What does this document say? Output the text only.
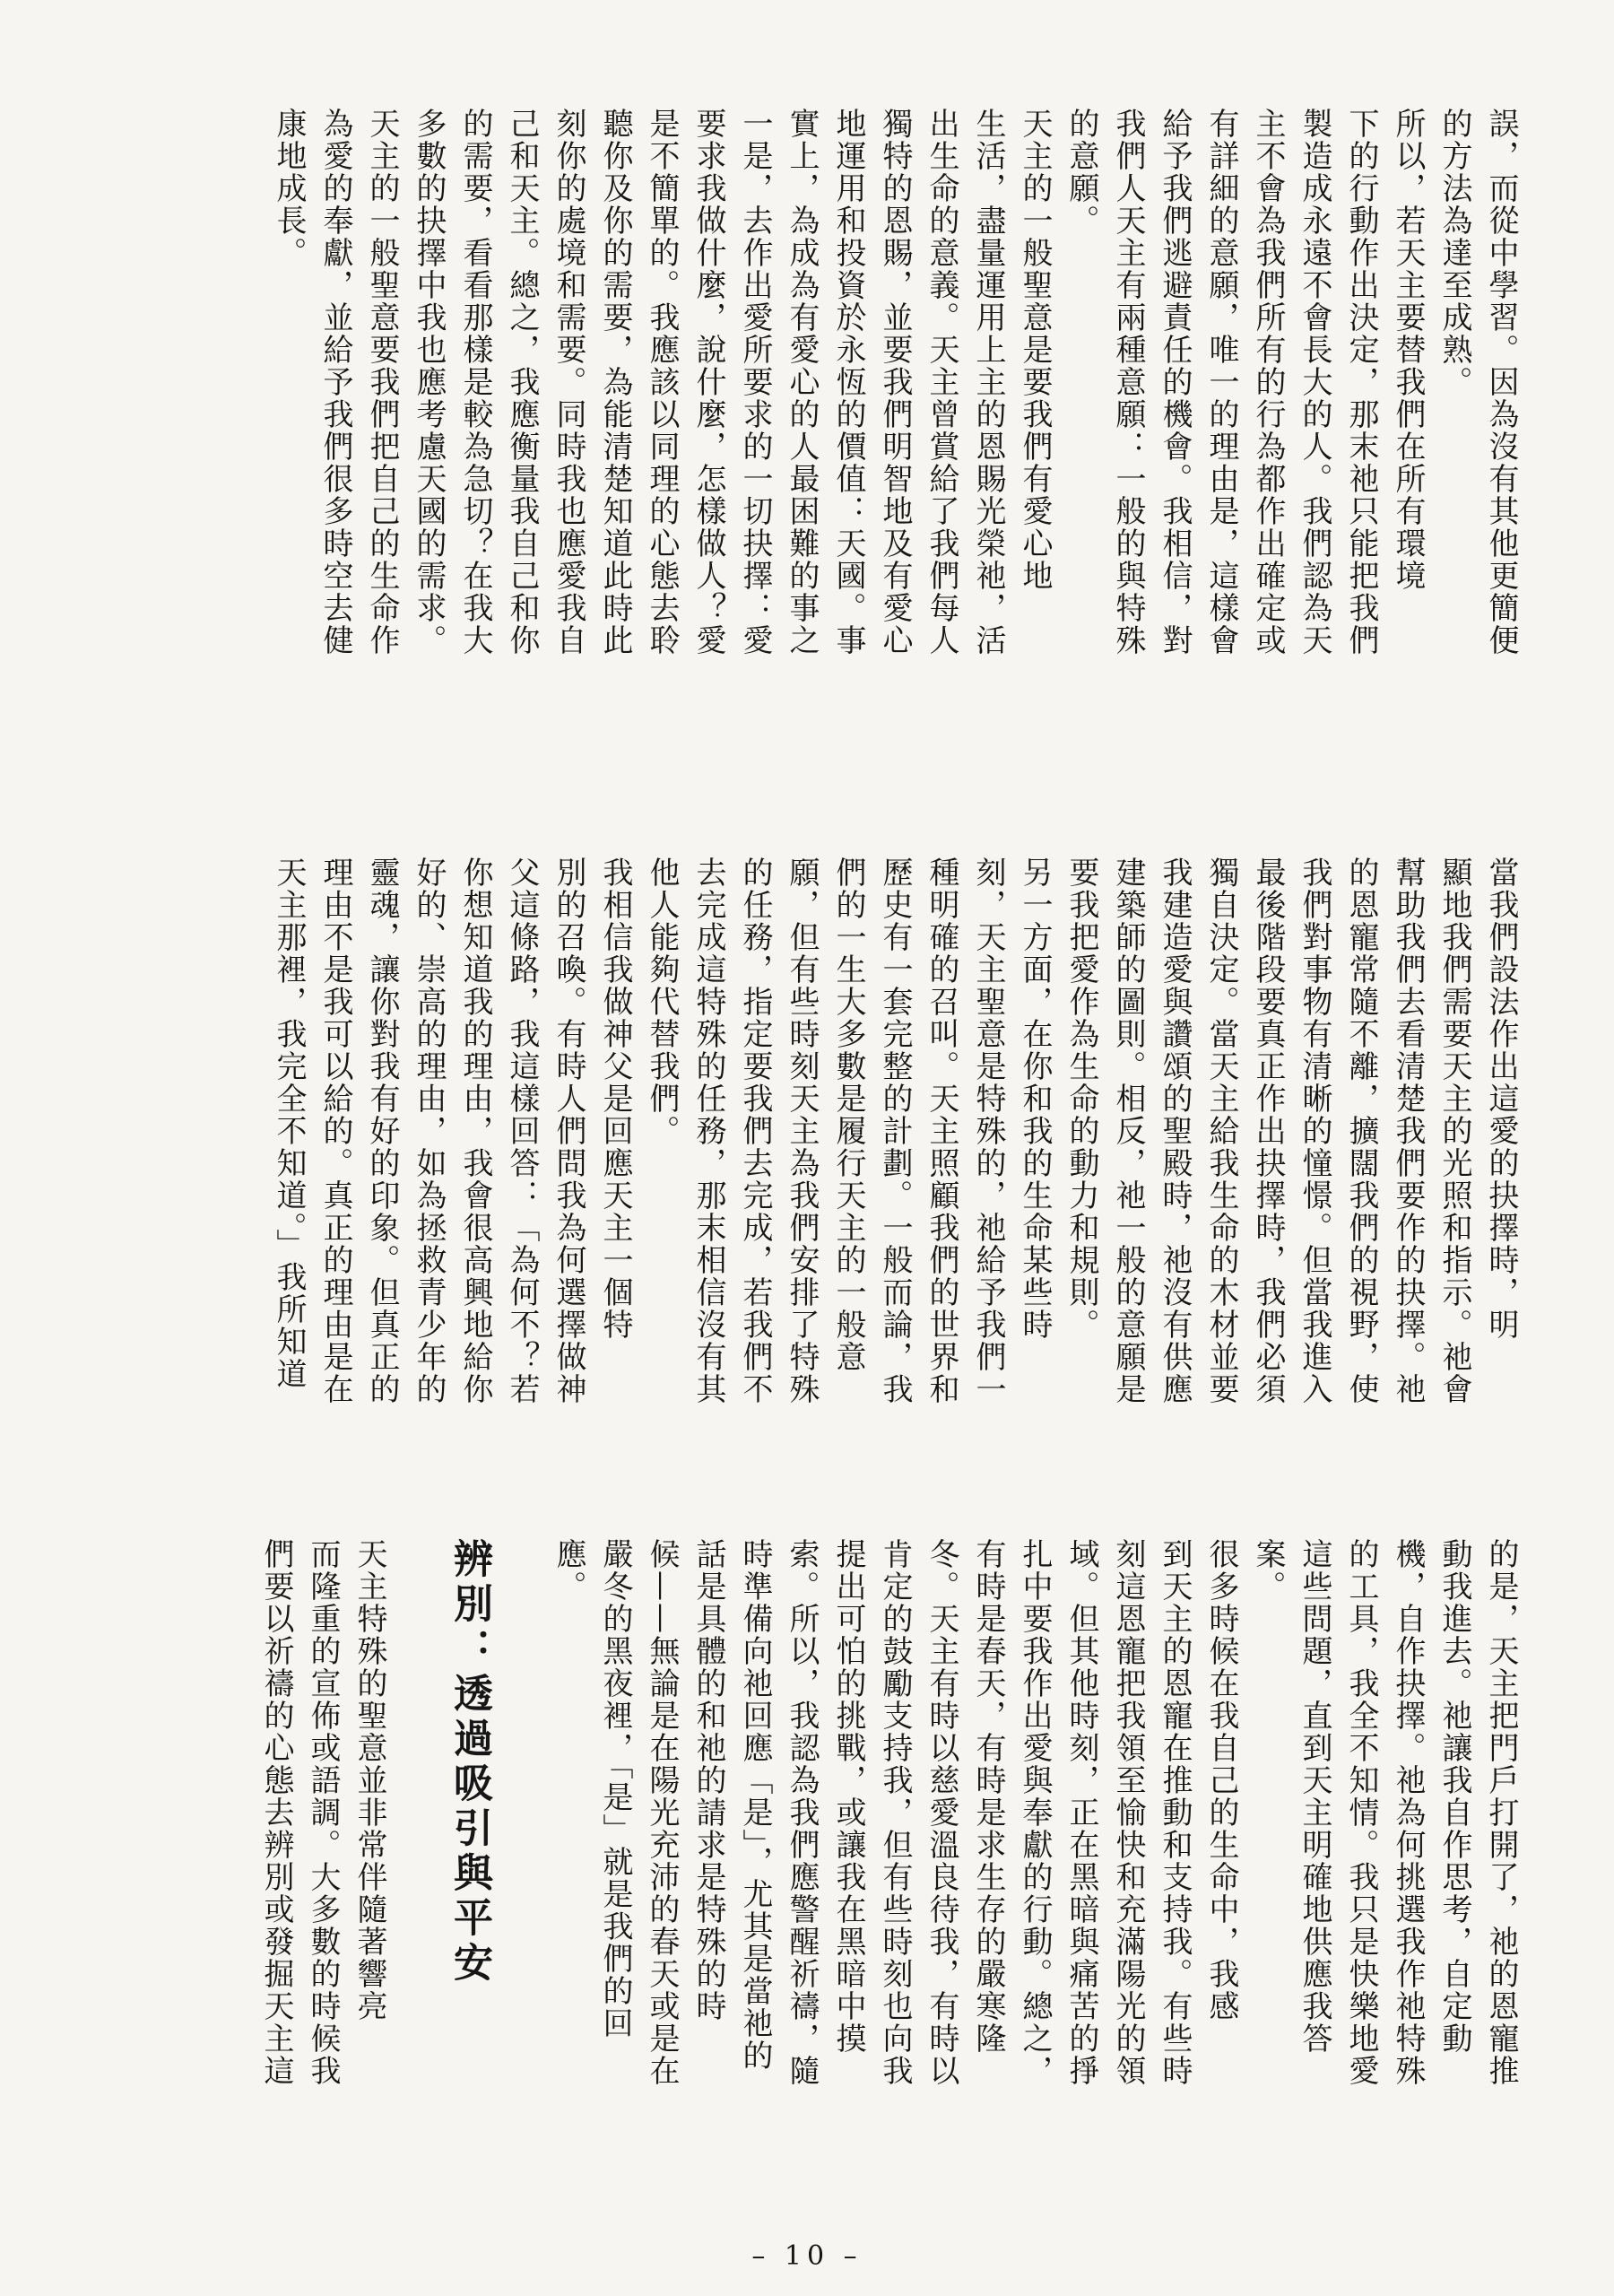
誤，而從中學習。因為沒有其他更簡便
的方法為達至成熟。
所以，若天主要替我們在所有環境
下的行動作出決定，那末祂只能把我們
製造成永遠不會長大的人。我們認為天
主不會為我們所有的行為都作出確定或
有詳細的意願，唯一的理由是，這樣會
給予我們逃避責任的機會。我相信，對
我們人天主有兩種意願：一般的與特殊
的意願。
天主的一般聖意是要我們有愛心地
生活，盡量運用上主的恩賜光榮祂，活
出生命的意義。天主曾賞給了我們每人
獨特的恩賜，並要我們明智地及有愛心
地運用和投資於永恆的價值：天國。事
實上，為成為有愛心的人最困難的事之
一是，去作出愛所要求的一切抉擇：愛
要求我做什麼，說什麼，怎樣做人？愛
是不簡單的。我應該以同理的心態去聆
聽你及你的需要，為能清楚知道此時此
刻你的處境和需要。同時我也應愛我自
己和天主。總之，我應衡量我自己和你
的需要，看看那樣是較為急切？在我大
多數的抉擇中我也應考慮天國的需求。
天主的一般聖意要我們把自己的生命作
為愛的奉獻，並給予我們很多時空去健
康地成長。
當我們設法作出這愛的抉擇時，明
顯地我們需要天主的光照和指示。祂會
幫助我們去看清楚我們要作的抉擇。祂
的恩寵常隨不離，擴闊我們的視野，使
我們對事物有清晰的憧憬。但當我進入
最後階段要真正作出抉擇時，我們必須
獨自決定。當天主給我生命的木材並要
我建造愛與讚頌的聖殿時，祂沒有供應
建築師的圖則。相反，祂一般的意願是
要我把愛作為生命的動力和規則。
另一方面，在你和我的生命某些時
刻，天主聖意是特殊的，祂給予我們一
種明確的召叫。天主照顧我們的世界和
歷史有一套完整的計劃。一般而論，我
們的一生大多數是履行天主的一般意
願，但有些時刻天主為我們安排了特殊
的任務，指定要我們去完成，若我們不
去完成這特殊的任務，那末相信沒有其
他人能夠代替我們。
我相信我做神父是回應天主一個特
別的召喚。有時人們問我為何選擇做神
父這條路，我這樣回答：「為何不？若
你想知道我的理由，我會很高興地給你
好的、崇高的理由，如為拯救青少年的
靈魂，讓你對我有好的印象。但真正的
理由不是我可以給的。真正的理由是在
天主那裡，我完全不知道。」我所知道
的是，天主把門戶打開了，祂的恩寵推
動我進去。祂讓我自作思考，自定動
機，自作抉擇。祂為何挑選我作祂特殊
的工具，我全不知情。我只是快樂地愛
這些問題，直到天主明確地供應我答
案。
很多時候在我自己的生命中，我感
到天主的恩寵在推動和支持我。有些時
刻這恩寵把我領至愉快和充滿陽光的領
域。但其他時刻，正在黑暗與痛苦的掙
扎中要我作出愛與奉獻的行動。總之，
有時是春天，有時是求生存的嚴寒隆
冬。天主有時以慈愛溫良待我，有時以
肯定的鼓勵支持我，但有些時刻也向我
提出可怕的挑戰，或讓我在黑暗中摸
索。所以，我認為我們應警醒祈禱，隨
時準備向祂回應「是」，尤其是當祂的
話是具體的和祂的請求是特殊的時
候——無論是在陽光充沛的春天或是在
嚴冬的黑夜裡，「是」就是我們的回
應。
辨別：透過吸引與平安
天主特殊的聖意並非常伴隨著響亮
而隆重的宣佈或語調。大多數的時候我
們要以祈禱的心態去辨別或發掘天主這
– 10 –
